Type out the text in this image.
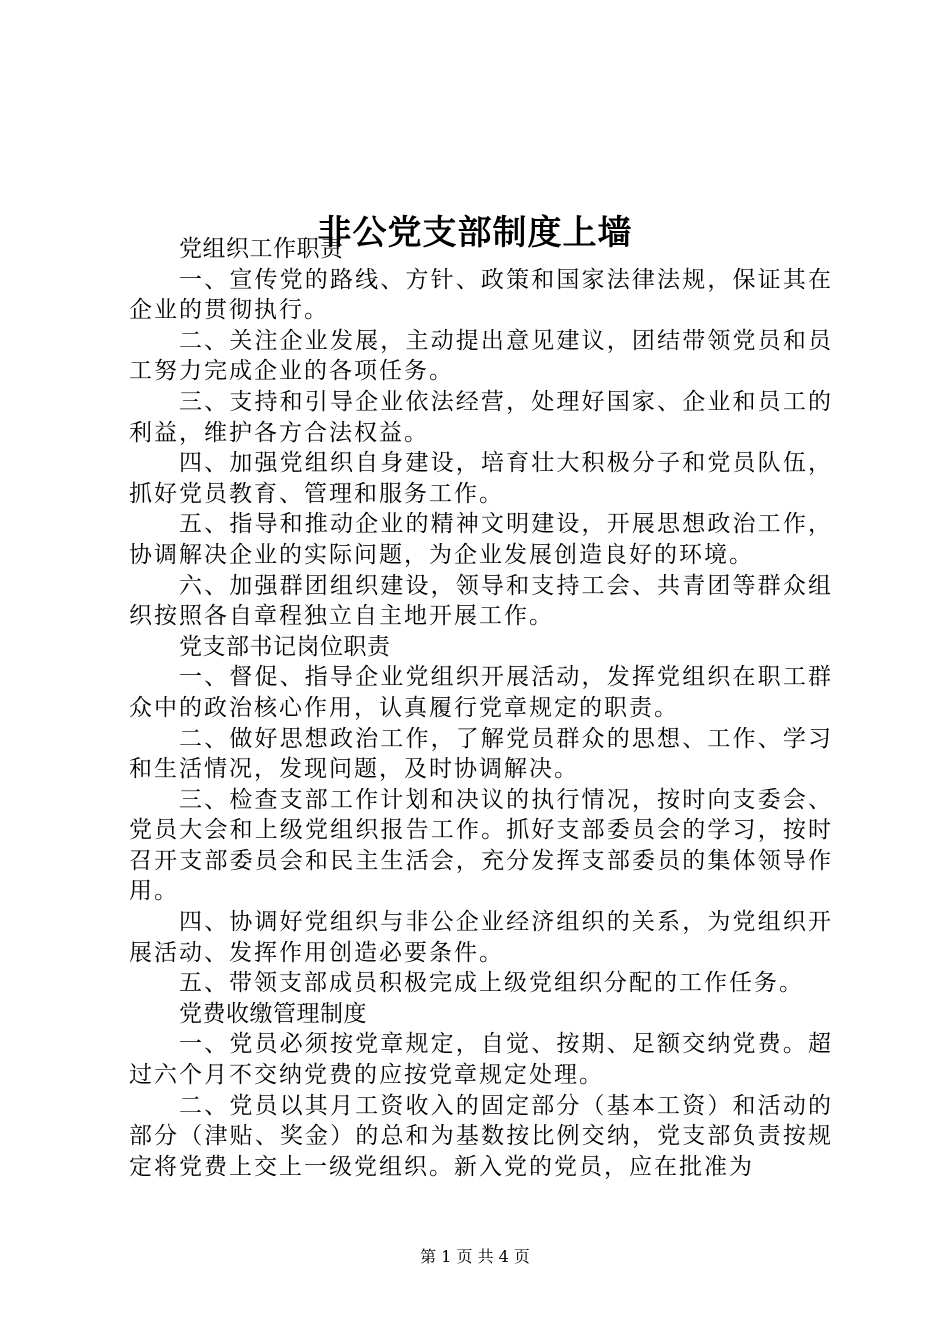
非公党支部制度上墙

党组织工作职责

一、宣传党的路线、方针、政策和国家法律法规，保证其在企业的贯彻执行。

二、关注企业发展，主动提出意见建议，团结带领党员和员工努力完成企业的各项任务。

三、支持和引导企业依法经营，处理好国家、企业和员工的利益，维护各方合法权益。

四、加强党组织自身建设，培育壮大积极分子和党员队伍，抓好党员教育、管理和服务工作。

五、指导和推动企业的精神文明建设，开展思想政治工作，协调解决企业的实际问题，为企业发展创造良好的环境。

六、加强群团组织建设，领导和支持工会、共青团等群众组织按照各自章程独立自主地开展工作。

党支部书记岗位职责

一、督促、指导企业党组织开展活动，发挥党组织在职工群众中的政治核心作用，认真履行党章规定的职责。

二、做好思想政治工作，了解党员群众的思想、工作、学习和生活情况，发现问题，及时协调解决。

三、检查支部工作计划和决议的执行情况，按时向支委会、党员大会和上级党组织报告工作。抓好支部委员会的学习，按时召开支部委员会和民主生活会，充分发挥支部委员的集体领导作用。

四、协调好党组织与非公企业经济组织的关系，为党组织开展活动、发挥作用创造必要条件。

五、带领支部成员积极完成上级党组织分配的工作任务。

党费收缴管理制度

一、党员必须按党章规定，自觉、按期、足额交纳党费。超过六个月不交纳党费的应按党章规定处理。

二、党员以其月工资收入的固定部分（基本工资）和活动的部分（津贴、奖金）的总和为基数按比例交纳，党支部负责按规定将党费上交上一级党组织。新入党的党员，应在批准为

第 1 页 共 4 页
